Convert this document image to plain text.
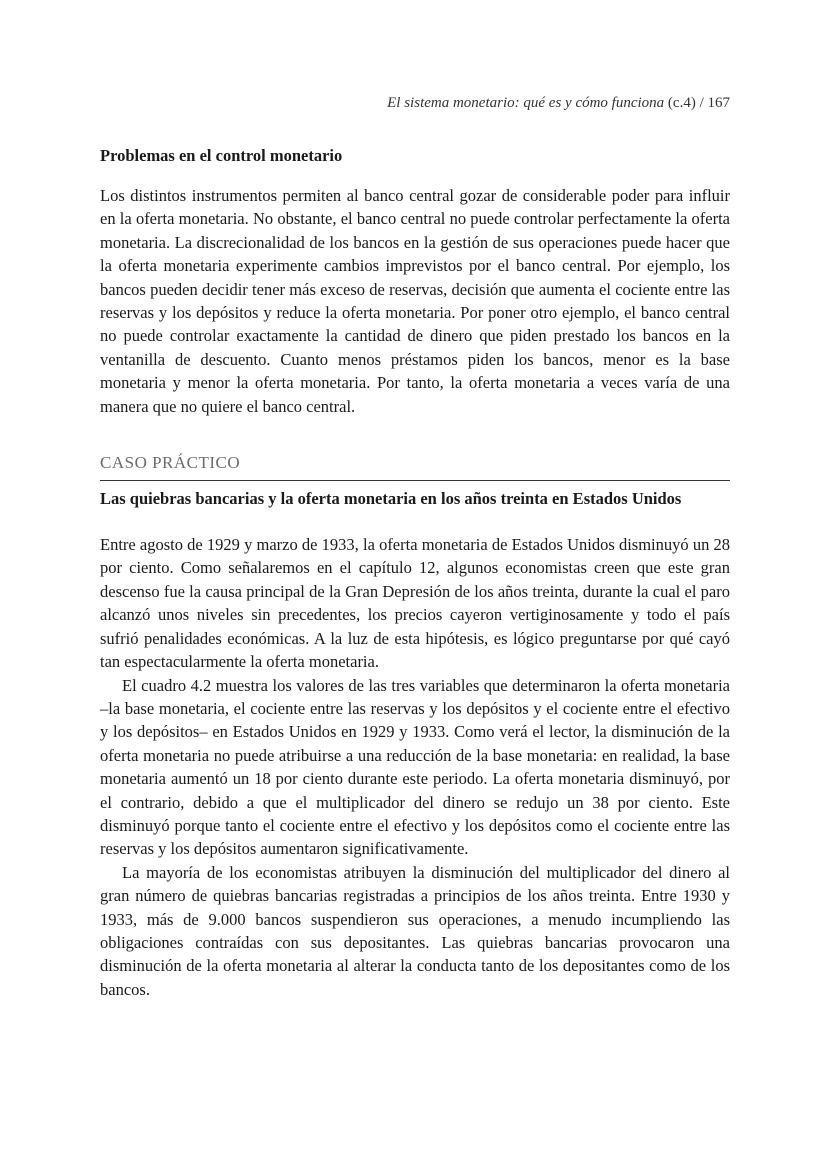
El sistema monetario: qué es y cómo funciona (c.4) / 167
Problemas en el control monetario

Los distintos instrumentos permiten al banco central gozar de considerable poder para influir en la oferta monetaria. No obstante, el banco central no puede controlar perfectamente la oferta monetaria. La discrecionalidad de los bancos en la gestión de sus operaciones puede hacer que la oferta monetaria experimente cambios imprevistos por el banco central. Por ejemplo, los bancos pueden decidir tener más exceso de reservas, decisión que aumenta el cociente entre las reservas y los depósitos y reduce la oferta monetaria. Por poner otro ejemplo, el banco central no puede controlar exactamente la cantidad de dinero que piden prestado los bancos en la ventanilla de descuento. Cuanto menos préstamos piden los bancos, menor es la base monetaria y menor la oferta monetaria. Por tanto, la oferta monetaria a veces varía de una manera que no quiere el banco central.

CASO PRÁCTICO

Las quiebras bancarias y la oferta monetaria en los años treinta en Estados Unidos

Entre agosto de 1929 y marzo de 1933, la oferta monetaria de Estados Unidos disminuyó un 28 por ciento. Como señalaremos en el capítulo 12, algunos economistas creen que este gran descenso fue la causa principal de la Gran Depresión de los años treinta, durante la cual el paro alcanzó unos niveles sin precedentes, los precios cayeron vertiginosamente y todo el país sufrió penalidades económicas. A la luz de esta hipótesis, es lógico preguntarse por qué cayó tan espectacularmente la oferta monetaria.

El cuadro 4.2 muestra los valores de las tres variables que determinaron la oferta monetaria –la base monetaria, el cociente entre las reservas y los depósitos y el cociente entre el efectivo y los depósitos– en Estados Unidos en 1929 y 1933. Como verá el lector, la disminución de la oferta monetaria no puede atribuirse a una reducción de la base monetaria: en realidad, la base monetaria aumentó un 18 por ciento durante este periodo. La oferta monetaria disminuyó, por el contrario, debido a que el multiplicador del dinero se redujo un 38 por ciento. Este disminuyó porque tanto el cociente entre el efectivo y los depósitos como el cociente entre las reservas y los depósitos aumentaron significativamente.

La mayoría de los economistas atribuyen la disminución del multiplicador del dinero al gran número de quiebras bancarias registradas a principios de los años treinta. Entre 1930 y 1933, más de 9.000 bancos suspendieron sus operaciones, a menudo incumpliendo las obligaciones contraídas con sus depositantes. Las quiebras bancarias provocaron una disminución de la oferta monetaria al alterar la conducta tanto de los depositantes como de los bancos.
